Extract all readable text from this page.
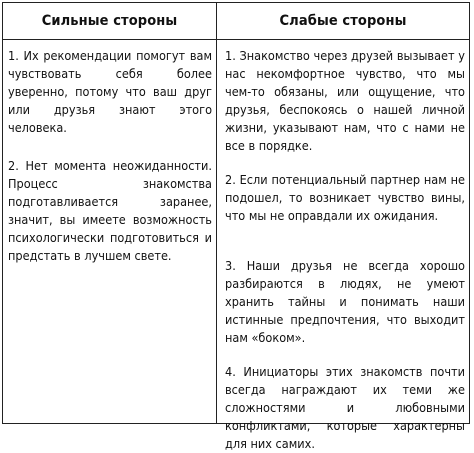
Сильные стороны	Слабые стороны

1. Их рекомендации помогут вам чувствовать себя более уверенно, потому что ваш друг или друзья знают этого человека.

2. Нет момента неожиданности. Процесс знакомства подготавливается заранее, значит, вы имеете возможность психологически подготовиться и предстать в лучшем свете.

1. Знакомство через друзей вызывает у нас некомфортное чувство, что мы чем-то обязаны, или ощущение, что друзья, беспокоясь о нашей личной жизни, указывают нам, что с нами не все в порядке.

2. Если потенциальный партнер нам не подошел, то возникает чувство вины, что мы не оправдали их ожидания.

3. Наши друзья не всегда хорошо разбираются в людях, не умеют хранить тайны и понимать наши истинные предпочтения, что выходит нам «боком».

4. Инициаторы этих знакомств почти всегда награждают их теми же сложностями и любовными конфликтами, которые характерны для них самих.
